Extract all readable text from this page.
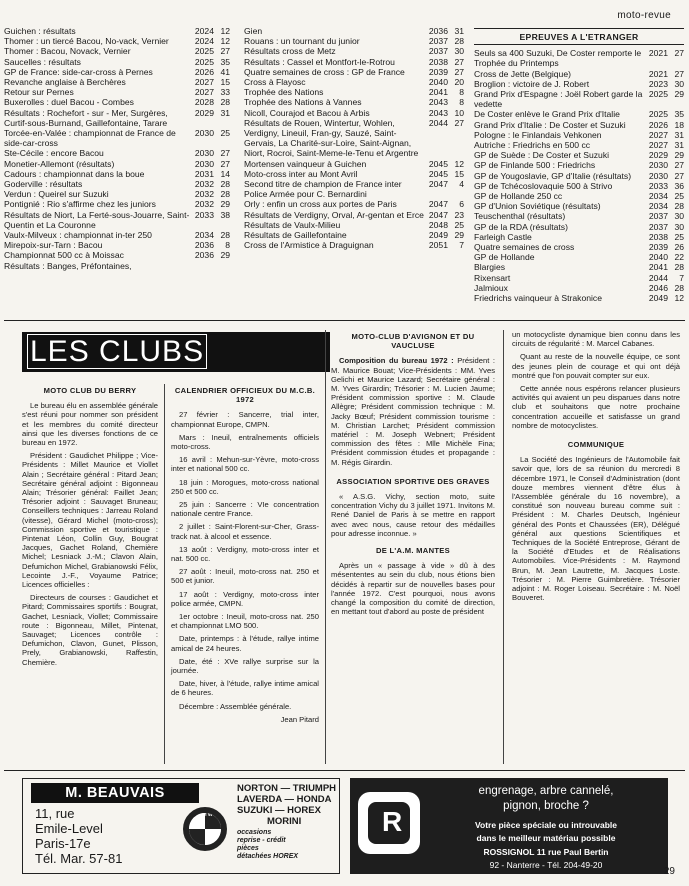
moto-revue
Guichen : résultats	2024 12
Thomer : un tiercé Bacou, No-vack, Vernier	2024 12
Thomer : Bacou, Novack, Vernier	2025 27
Saucelles : résultats	2025 35
GP de France: side-car-cross à Pernes	2026 41
Revanche anglaise à Berchères	2027 15
Retour sur Pernes	2027 33
Buxerolles : duel Bacou - Combes	2028 28
Résultats : Rochefort - sur - Mer, Surgères, Curtif-sous-Burnand, Gaillefontaine, Tarare
2029 31
Torcée-en-Valée : championnat de France de side-car-cross
2030 25
Ste-Cécile : encore Bacou	2030 27
Monetier-Allemont (résultats)	2030 27
Cadours : championnat dans la boue	2031 14
Goderville : résultats	2032 28
Verdun : Queirel sur Suzuki	2032 28
Pontignié : Rio s'affirme chez les juniors	2032 29
Résultats de Niort, La Ferté-sous-Jouarre, Saint-Quentin et La Couronne
2033 38
Vaulx-Milveux : championnat in-ter 250	2034 28
Mirepoix-sur-Tarn : Bacou	2036	8
Championnat 500 cc à Moissac	2036 29
Résultats : Banges, Préfontaines,
Gien	2036 31
Rouans : un tournant du junior	2037 28
Résultats cross de Metz	2037 30
Résultats : Cassel et Montfort-le-Rotrou	2038 27
Quatre semaines de cross : GP de France	2039 27
Cross à Flayosc	2040 20
Trophée des Nations	2041	8
Trophée des Nations à Vannes	2043	8
Nicoll, Courajod et Bacou à Arbis	2043 10
Résultats de Rouen, Wintertur, Wohlen, Verdigny, Lineuil, Fran-gy, Sauzé, Saint-Gervais, La Charité-sur-Loire, Saint-Aignan, Niort, Rocroi, Saint-Meme-le-Tenu et Argentre
2044 27
Mortensen vainqueur à Guichen	2045 12
Moto-cross inter au Mont Avril	2045 15
Second titre de champion de France inter Police Armée pour C. Bernardini
2047	4
Orly : enfin un cross aux portes de Paris	2047	6
Résultats de Verdigny, Orval, Ar-gentan et Erce 2047 23
Résultats de Vaulx-Milieu	2048 25
Résultats de Gaillefontaine	2049 29
Cross de l'Armistice à Draguignan	2051	7
EPREUVES A L'ETRANGER
Seuls sa 400 Suzuki, De Coster remporte le Trophée du Printemps
2021 27
Cross de Jette (Belgique)	2021 27
Broglion : victoire de J. Robert	2023 30
Grand Prix d'Espagne : Joël Robert garde la vedette
2025 29
De Coster enlève le Grand Prix d'Italie	2025 35
Grand Prix d'Italie : De Coster et Suzuki	2026 18
Pologne : le Finlandais Vehkonen	2027 31
Autriche : Friedrichs en 500 cc	2027 31
GP de Suède : De Coster et Suzuki	2029 29
GP de Finlande 500 : Friedrichs	2030 27
GP de Yougoslavie, GP d'Italie (résultats)	2030 27
GP de Tchécoslovaquie 500 à Strivo	2033 36
GP de Hollande 250 cc	2034 25
GP d'Union Soviétique (résultats)	2034 28
Teuschenthal (résultats)	2037 30
GP de la RDA (résultats)	2037 30
Farleigh Castle	2038 25
Quatre semaines de cross	2039 26
GP de Hollande	2040 22
Blargies	2041 28
Rixensart	2044	7
Jalmioux	2046 28
Friedrichs vainqueur à Strakonice	2049 12
LES CLUBS
MOTO CLUB DU BERRY

Le bureau élu en assemblée générale s'est réuni pour nommer son président et les membres du comité directeur ainsi que les diverses fonctions de ce bureau en 1972.

Président : Gaudichet Philippe ; Vice-Présidents : Millet Maurice et Viollet Alain ; Secrétaire général : Pitard Jean; Secrétaire général adjoint : Bigonneau Alain; Trésorier général: Faillet Jean; Trésorier adjoint : Sauvaget Bruneau; Conseillers techniques : Jarreau Roland (vitesse), Gérard Michel (moto-cross); Commission sportive et touristique : Pintenat Léon, Collin Guy, Bougrat Jacques, Gachet Roland, Chemière Michel; Lesniack J.-M.; Clavon Alain, Defumichon Michel, Grabianowski Félix, Lecointe J.-F., Voyaume Patrice; Licences officielles :

Directeurs de courses : Gaudichet et Pitard; Commissaires sportifs : Bougrat, Gachet, Lesniack, Viollet; Commissaire route : Bigonneau, Millet, Pintenat, Sauvaget; Licences contrôle : Defumichon, Clavon, Gunet, Plisson, Prely, Grabianowski, Raffestin, Chemière.

CALENDRIER OFFICIEUX DU M.C.B. 1972

27 février : Sancerre, trial inter, championnat Europe, CMPN.

Mars : Ineuil, entraînements officiels moto-cross.

16 avril : Mehun-sur-Yèvre, moto-cross inter et national 500 cc.

18 juin : Morogues, moto-cross national 250 et 500 cc.

25 juin : Sancerre : VIe concentration nationale centre France.

2 juillet : Saint-Florent-sur-Cher, Grass-track nat. à alcool et essence.

13 août : Verdigny, moto-cross inter et nat. 500 cc.

27 août : Ineuil, moto-cross nat. 250 et 500 et junior.

17 août : Verdigny, moto-cross inter police armée, CMPN.

1er octobre : Ineuil, moto-cross nat. 250 et championnat LMO 500.

Date, printemps : à l'étude, rallye intime amical de 24 heures.

Date, été : XVe rallye surprise sur la journée.

Date, hiver, à l'étude, rallye intime amical de 6 heures.

Décembre : Assemblée générale.

Jean Pitard
MOTO-CLUB D'AVIGNON ET DU VAUCLUSE

Composition du bureau 1972 : Président : M. Maurice Bouat; Vice-Présidents : MM. Yves Gelichi et Maurice Lazard; Secrétaire général : M. Yves Girardin; Trésorier : M. Lucien Jaume; Président commission sportive : M. Claude Allègre; Président commission technique : M. Jacky Bœuf; Président commission tourisme : M. Christian Larchet; Président commission matériel : M. Joseph Webnert; Président commission des fêtes : Mlle Michèle Fina; Président commission études et propagande : M. Régis Girardin.

ASSOCIATION SPORTIVE DES GRAVES

« A.S.G. Vichy, section moto, suite concentration Vichy du 3 juillet 1971. Invitons M. René Daniel de Paris à se mettre en rapport avec avec nous, cause retour des médailles pour adresse inconnue. »

DE L'A.M. MANTES

Après un « passage à vide » dû à des mésententes au sein du club, nous étions bien décidés à repartir sur de nouvelles bases pour l'année 1972. C'est pourquoi, nous avons changé la composition du comité de direction, en mettant tout d'abord au poste de président

un motocycliste dynamique bien connu dans les circuits de régularité : M. Marcel Cabanes.

Quant au reste de la nouvelle équipe, ce sont des jeunes plein de courage et qui ont déjà montré que l'on pouvait compter sur eux.

Cette année nous espérons relancer plusieurs activités qui avaient un peu disparues dans notre club et souhaitons que notre prochaine concentration accueille et satisfasse un grand nombre de motocyclistes.

COMMUNIQUE

La Société des Ingénieurs de l'Automobile fait savoir que, lors de sa réunion du mercredi 8 décembre 1971, le Conseil d'Administration (dont douze membres viennent d'être élus à l'Assemblée générale du 16 novembre), a constitué son nouveau bureau comme suit : Président : M. Charles Deutsch, Ingénieur général des Ponts et Chaussées (ER), Délégué général aux questions Scientifiques et Techniques de la Société Entreprose, Gérant de la Société d'Etudes et de Réalisations Automobiles. Vice-Présidents : M. Raymond Brun, M. Jean Lautrette, M. Jacques Loste. Trésorier : M. Pierre Guimbretière. Trésorier adjoint : M. Roger Loiseau. Secrétaire : M. Noël Bouveret.

M. BEAUVAIS
11, rue
Emile-Level
Paris-17e
Tél. Mar. 57-81
B M W
NORTON — TRIUMPH
LAVERDA — HONDA
SUZUKI — HOREX
MORINI
occasions
reprise - crédit
pièces
détachées HOREX
R
engrenage, arbre cannelé,
pignon, broche ?
Votre pièce spéciale ou introuvable
dans le meilleur matériau possible
ROSSIGNOL 11 rue Paul Bertin
92 - Nanterre - Tél. 204-49-20
29
